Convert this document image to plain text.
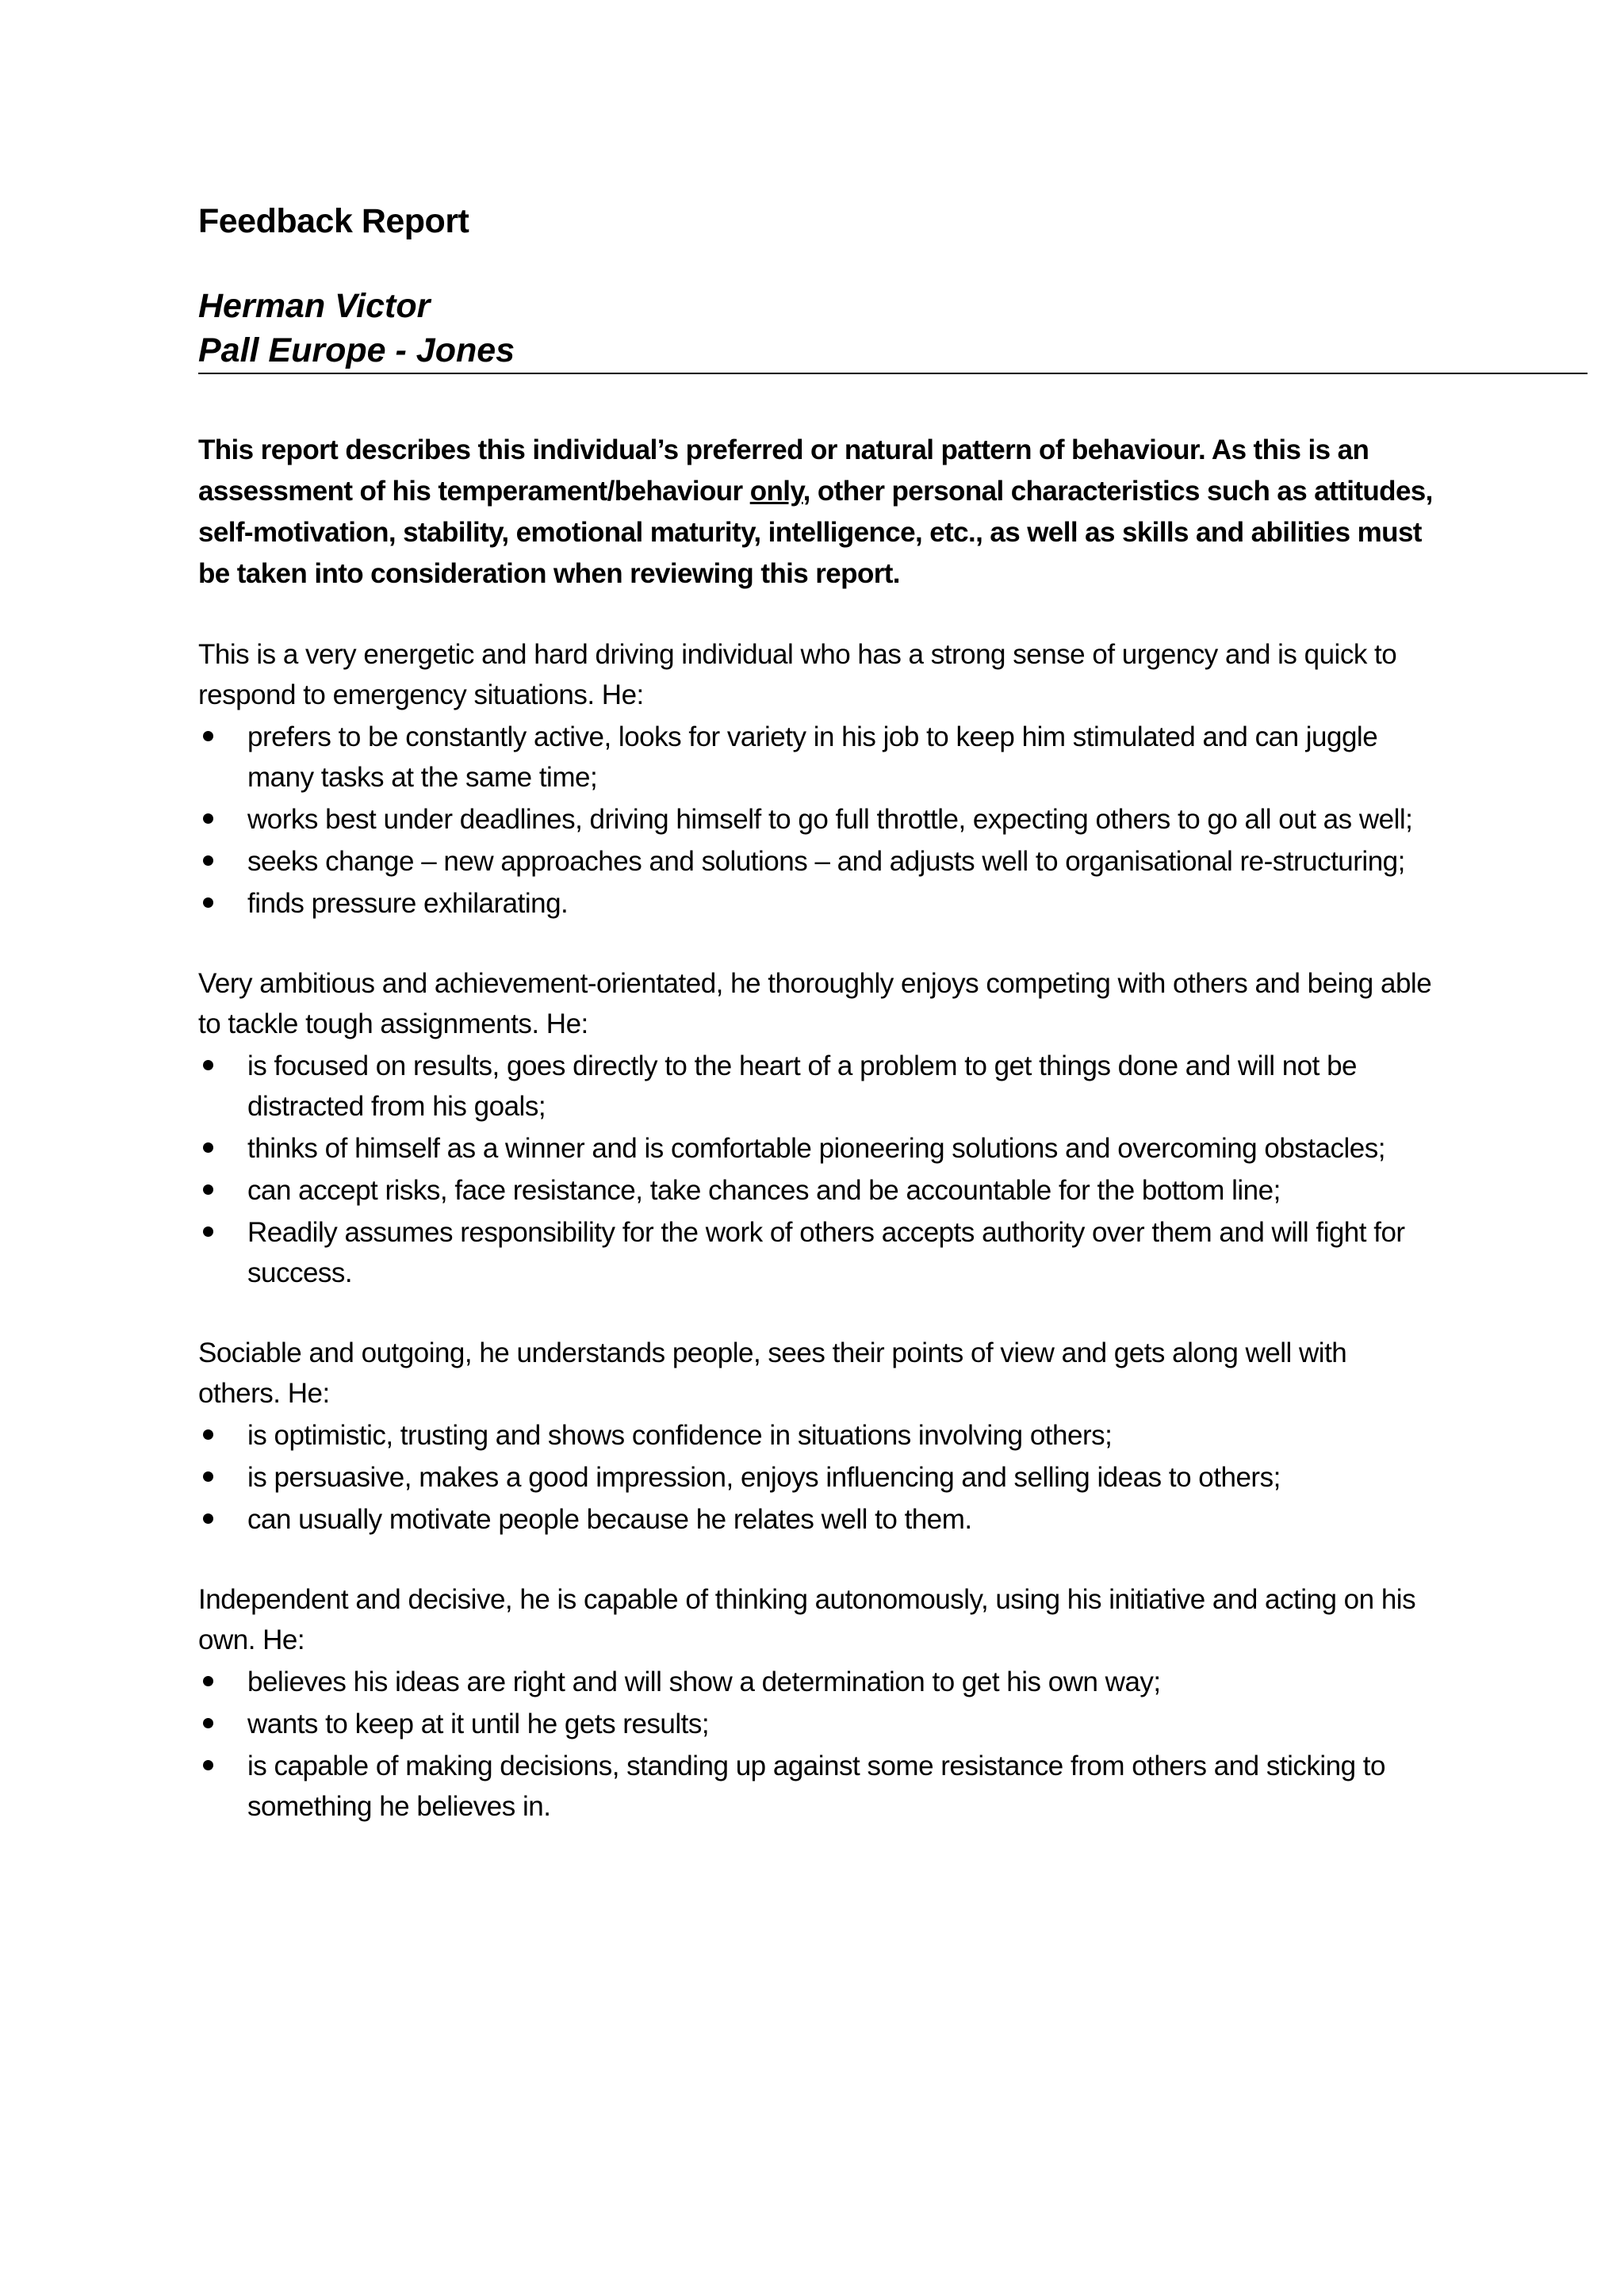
Feedback Report

Herman Victor

Pall Europe - Jones

This report describes this individual’s preferred or natural pattern of behaviour. As this is an assessment of his temperament/behaviour only, other personal characteristics such as attitudes, self-motivation, stability, emotional maturity, intelligence, etc., as well as skills and abilities must be taken into consideration when reviewing this report.

This is a very energetic and hard driving individual who has a strong sense of urgency and is quick to respond to emergency situations. He:

prefers to be constantly active, looks for variety in his job to keep him stimulated and can juggle many tasks at the same time;
works best under deadlines, driving himself to go full throttle, expecting others to go all out as well;
seeks change – new approaches and solutions – and adjusts well to organisational re-structuring;
finds pressure exhilarating.

Very ambitious and achievement-orientated, he thoroughly enjoys competing with others and being able to tackle tough assignments. He:

is focused on results, goes directly to the heart of a problem to get things done and will not be distracted from his goals;
thinks of himself as a winner and is comfortable pioneering solutions and overcoming obstacles;
can accept risks, face resistance, take chances and be accountable for the bottom line;
Readily assumes responsibility for the work of others accepts authority over them and will fight for success.

Sociable and outgoing, he understands people, sees their points of view and gets along well with others. He:

is optimistic, trusting and shows confidence in situations involving others;
is persuasive, makes a good impression, enjoys influencing and selling ideas to others;
can usually motivate people because he relates well to them.

Independent and decisive, he is capable of thinking autonomously, using his initiative and acting on his own. He:

believes his ideas are right and will show a determination to get his own way;
wants to keep at it until he gets results;
is capable of making decisions, standing up against some resistance from others and sticking to something he believes in.
